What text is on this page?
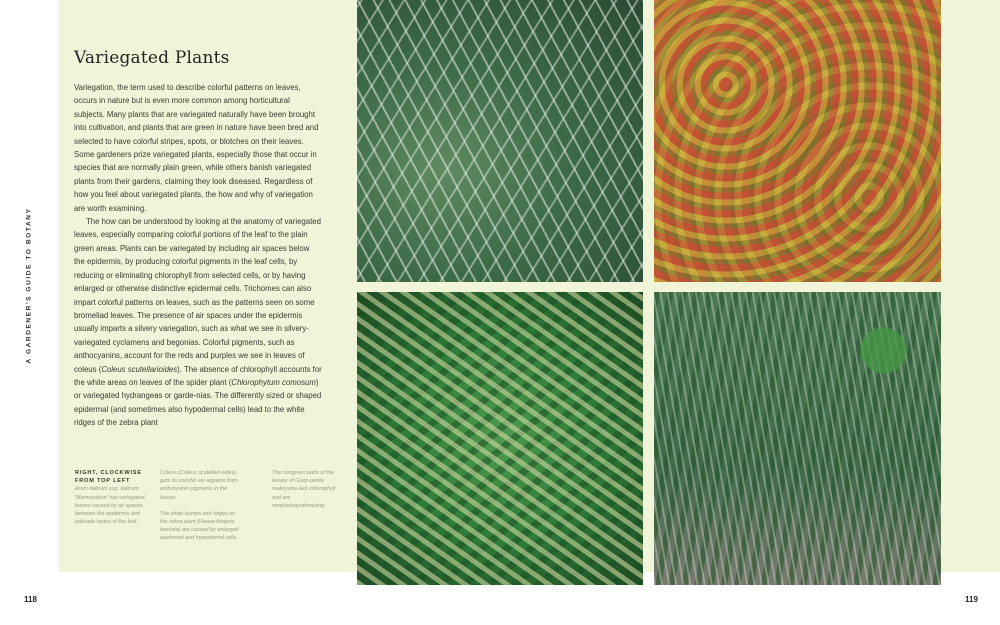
A GARDENER'S GUIDE TO BOTANY
Variegated Plants

Variegation, the term used to describe colorful patterns on leaves, occurs in nature but is even more common among horticultural subjects. Many plants that are variegated naturally have been brought into cultivation, and plants that are green in nature have been bred and selected to have colorful stripes, spots, or blotches on their leaves. Some gardeners prize variegated plants, especially those that occur in species that are normally plain green, while others banish variegated plants from their gardens, claiming they look diseased. Regardless of how you feel about variegated plants, the how and why of variegation are worth examining.

The how can be understood by looking at the anatomy of variegated leaves, especially comparing colorful portions of the leaf to the plain green areas. Plants can be variegated by including air spaces below the epidermis, by producing colorful pigments in the leaf cells, by reducing or eliminating chlorophyll from selected cells, or by having enlarged or otherwise distinctive epidermal cells. Trichomes can also impart colorful patterns on leaves, such as the patterns seen on some bromeliad leaves. The presence of air spaces under the epidermis usually imparts a silvery variegation, such as what we see in silvery-variegated cyclamens and begonias. Colorful pigments, such as anthocyanins, account for the reds and purples we see in leaves of coleus (Coleus scutellarioides). The absence of chlorophyll accounts for the white areas on leaves of the spider plant (Chlorophytum comosum) or variegated hydrangeas or garde-nias. The differently sized or shaped epidermal (and sometimes also hypodermal cells) lead to the white ridges of the zebra plant

RIGHT, CLOCKWISE FROM TOP LEFT
Arum italicum ssp. italicum 'Marmoratum' has variegated leaves caused by air spaces between the epidermis and palisade layers of the leaf.
Coleus (Coleus scutellari-oides) gets its colorful var-iegation from anthocyanin pigments in the leaves.
The white bumps and ridges on the zebra plant (Hawor-thiopsis fasciata) are caused by enlarged epidermal and hypodermal cells.
The nongreen parts of the leaves of Goep-pertia makoyana lack chlorophyll and are nonphotosynthesizing.
118	119
